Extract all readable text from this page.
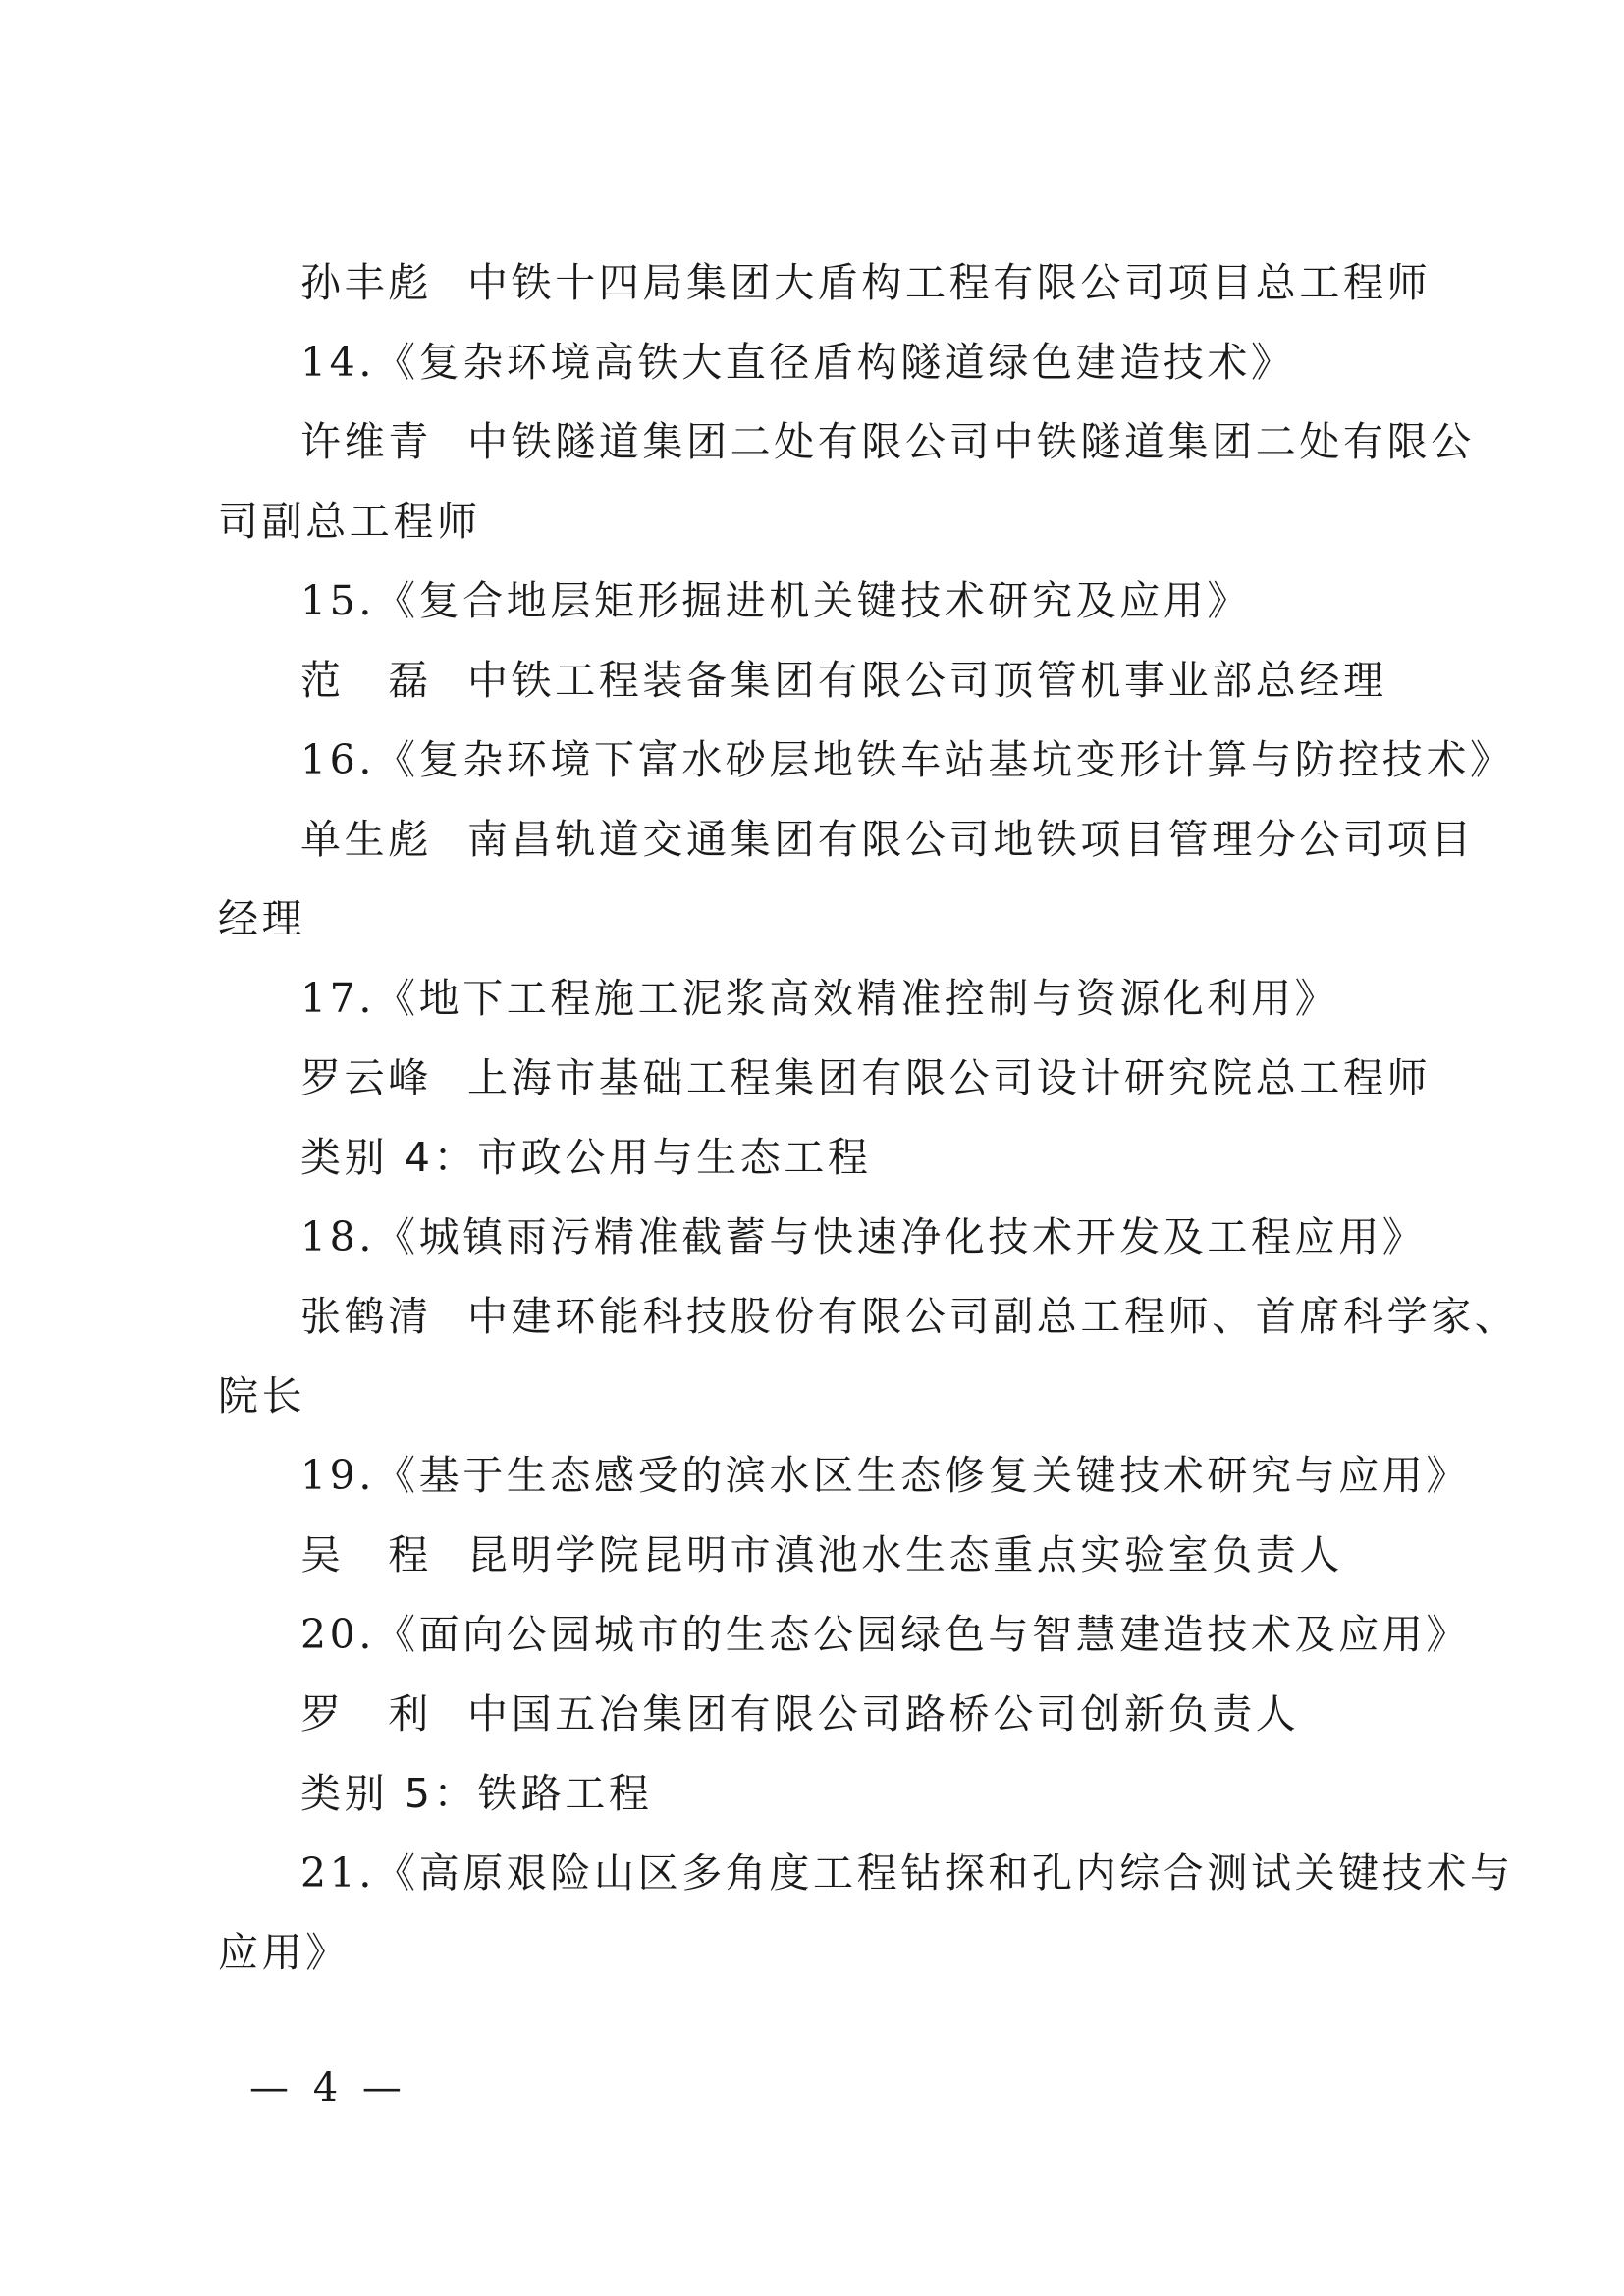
孙丰彪 中铁十四局集团大盾构工程有限公司项目总工程师
14.《复杂环境高铁大直径盾构隧道绿色建造技术》
许维青 中铁隧道集团二处有限公司中铁隧道集团二处有限公
司副总工程师
15.《复合地层矩形掘进机关键技术研究及应用》
范　磊 中铁工程装备集团有限公司顶管机事业部总经理
16.《复杂环境下富水砂层地铁车站基坑变形计算与防控技术》
单生彪 南昌轨道交通集团有限公司地铁项目管理分公司项目
经理
17.《地下工程施工泥浆高效精准控制与资源化利用》
罗云峰 上海市基础工程集团有限公司设计研究院总工程师
类别 4：市政公用与生态工程
18.《城镇雨污精准截蓄与快速净化技术开发及工程应用》
张鹤清 中建环能科技股份有限公司副总工程师、首席科学家、
院长
19.《基于生态感受的滨水区生态修复关键技术研究与应用》
吴　程 昆明学院昆明市滇池水生态重点实验室负责人
20.《面向公园城市的生态公园绿色与智慧建造技术及应用》
罗　利 中国五冶集团有限公司路桥公司创新负责人
类别 5：铁路工程
21.《高原艰险山区多角度工程钻探和孔内综合测试关键技术与
应用》
— 4 —
